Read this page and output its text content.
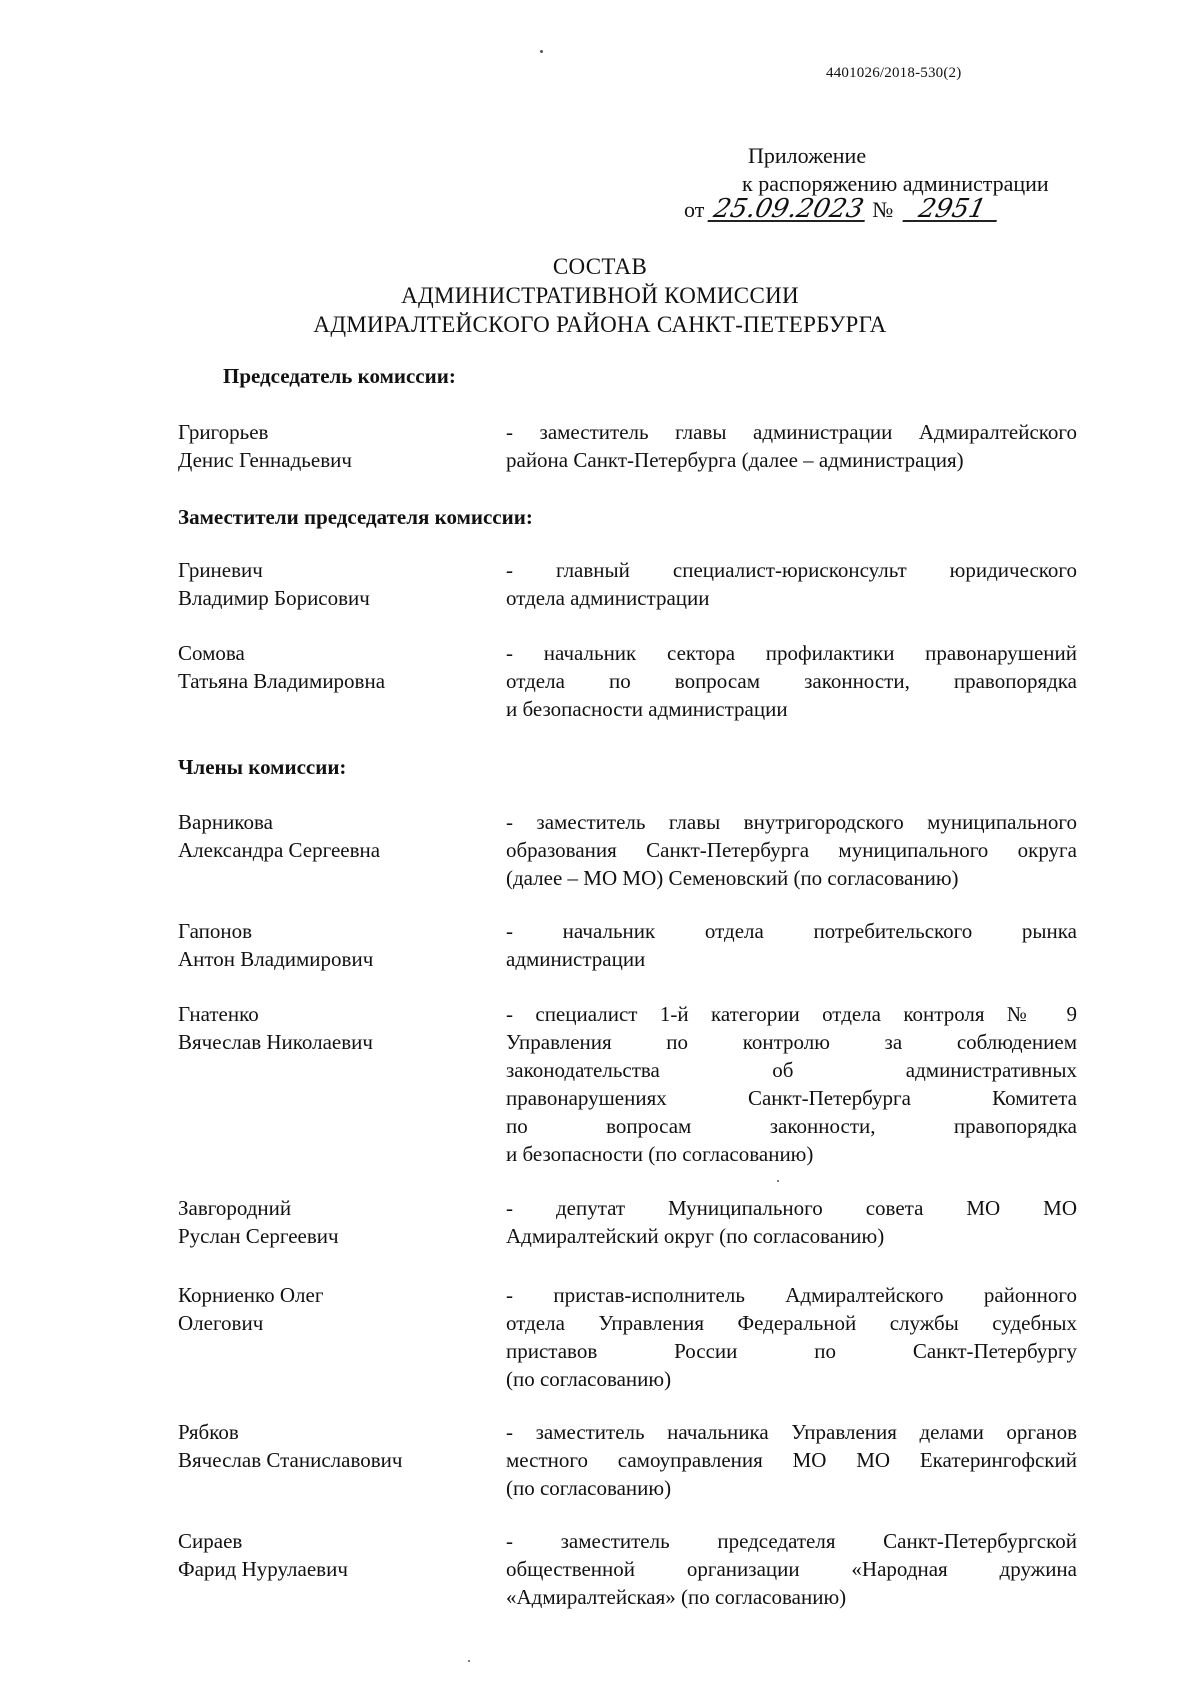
4401026/2018-530(2)
Приложение
к распоряжению администрации
от 25.09.2023 № 2951
СОСТАВ
АДМИНИСТРАТИВНОЙ КОМИССИИ
АДМИРАЛТЕЙСКОГО РАЙОНА САНКТ-ПЕТЕРБУРГА
Председатель комиссии:
Заместители председателя комиссии:
Члены комиссии:
Григорьев
Денис Геннадьевич
- заместитель главы администрации Адмиралтейского
района Санкт-Петербурга (далее – администрация)
Гриневич
Владимир Борисович
- главный специалист-юрисконсульт юридического
отдела администрации
Сомова
Татьяна Владимировна
- начальник сектора профилактики правонарушений
отдела по вопросам законности, правопорядка
и безопасности администрации
Варникова
Александра Сергеевна
- заместитель главы внутригородского муниципального
образования Санкт-Петербурга муниципального округа
(далее – МО МО) Семеновский (по согласованию)
Гапонов
Антон Владимирович
- начальник отдела потребительского рынка
администрации
Гнатенко
Вячеслав Николаевич
- специалист 1-й категории отдела контроля № 9
Управления по контролю за соблюдением
законодательства об административных
правонарушениях Санкт-Петербурга Комитета
по вопросам законности, правопорядка
и безопасности (по согласованию)
Завгородний
Руслан Сергеевич
- депутат Муниципального совета МО МО
Адмиралтейский округ (по согласованию)
Корниенко Олег
Олегович
- пристав-исполнитель Адмиралтейского районного
отдела Управления Федеральной службы судебных
приставов России по Санкт-Петербургу
(по согласованию)
Рябков
Вячеслав Станиславович
- заместитель начальника Управления делами органов
местного самоуправления МО МО Екатерингофский
(по согласованию)
Сираев
Фарид Нурулаевич
- заместитель председателя Санкт-Петербургской
общественной организации «Народная дружина
«Адмиралтейская» (по согласованию)
